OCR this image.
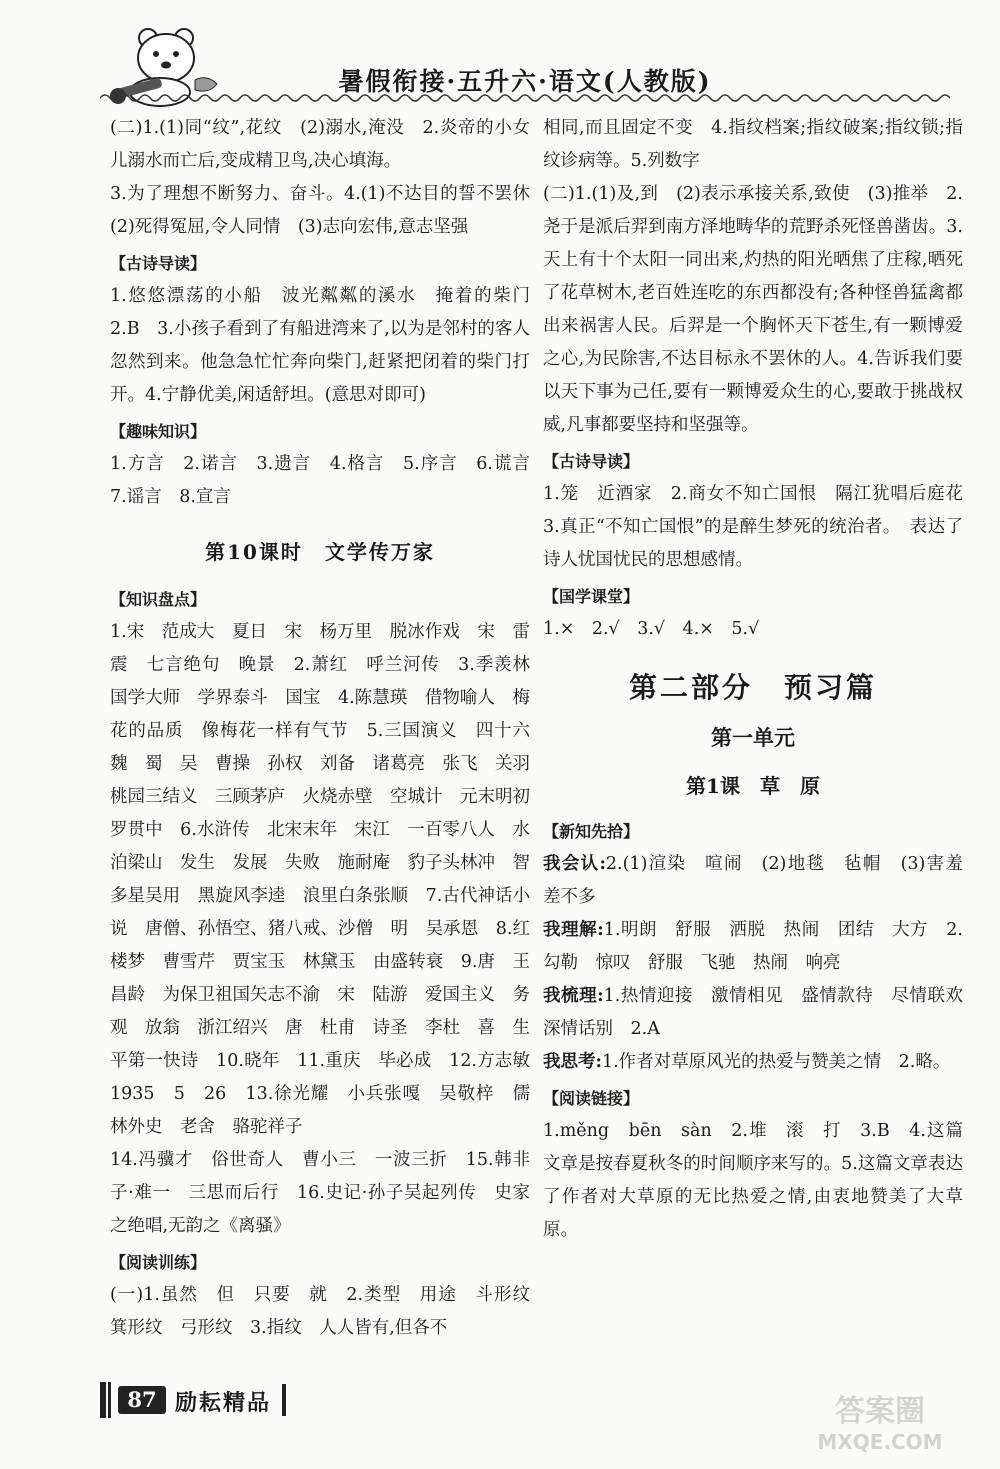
暑假衔接·五升六·语文(人教版)

(二)1.(1)同“纹”,花纹　(2)溺水,淹没　2.炎帝的小女儿溺水而亡后,变成精卫鸟,决心填海。

3.为了理想不断努力、奋斗。4.(1)不达目的誓不罢休　(2)死得冤屈,令人同情　(3)志向宏伟,意志坚强

【古诗导读】

1.悠悠漂荡的小船　波光粼粼的溪水　掩着的柴门　2.B　3.小孩子看到了有船进湾来了,以为是邻村的客人忽然到来。他急急忙忙奔向柴门,赶紧把闭着的柴门打开。4.宁静优美,闲适舒坦。(意思对即可)

【趣味知识】

1.方言　2.诺言　3.遗言　4.格言　5.序言　6.谎言　7.谣言　8.宣言

第10课时　文学传万家

【知识盘点】

1.宋　范成大　夏日　宋　杨万里　脱冰作戏　宋　雷震　七言绝句　晚景　2.萧红　呼兰河传　3.季羡林　国学大师　学界泰斗　国宝　4.陈慧瑛　借物喻人　梅花的品质　像梅花一样有气节　5.三国演义　四十六　魏　蜀　吴　曹操　孙权　刘备　诸葛亮　张飞　关羽　桃园三结义　三顾茅庐　火烧赤壁　空城计　元末明初　罗贯中　6.水浒传　北宋末年　宋江　一百零八人　水泊梁山　发生　发展　失败　施耐庵　豹子头林冲　智多星吴用　黑旋风李逵　浪里白条张顺　7.古代神话小说　唐僧、孙悟空、猪八戒、沙僧　明　吴承恩　8.红楼梦　曹雪芹　贾宝玉　林黛玉　由盛转衰　9.唐　王昌龄　为保卫祖国矢志不渝　宋　陆游　爱国主义　务观　放翁　浙江绍兴　唐　杜甫　诗圣　李杜　喜　生平第一快诗　10.晓年　11.重庆　毕必成　12.方志敏　1935　5　26　13.徐光耀　小兵张嘎　吴敬梓　儒林外史　老舍　骆驼祥子

14.冯骥才　俗世奇人　曹小三　一波三折　15.韩非子·难一　三思而后行　16.史记·孙子吴起列传　史家之绝唱,无韵之《离骚》

【阅读训练】

(一)1.虽然　但　只要　就　2.类型　用途　斗形纹　箕形纹　弓形纹　3.指纹　人人皆有,但各不

相同,而且固定不变　4.指纹档案;指纹破案;指纹锁;指纹诊病等。5.列数字

(二)1.(1)及,到　(2)表示承接关系,致使　(3)推举　2.尧于是派后羿到南方泽地畴华的荒野杀死怪兽凿齿。3.天上有十个太阳一同出来,灼热的阳光晒焦了庄稼,晒死了花草树木,老百姓连吃的东西都没有;各种怪兽猛禽都出来祸害人民。后羿是一个胸怀天下苍生,有一颗博爱之心,为民除害,不达目标永不罢休的人。4.告诉我们要以天下事为己任,要有一颗博爱众生的心,要敢于挑战权威,凡事都要坚持和坚强等。

【古诗导读】

1.笼　近酒家　2.商女不知亡国恨　隔江犹唱后庭花　3.真正“不知亡国恨”的是醉生梦死的统治者。　表达了诗人忧国忧民的思想感情。

【国学课堂】

1.×　2.√　3.√　4.×　5.√

第二部分　预习篇
第一单元
第1课　草　原

【新知先拾】

我会认:2.(1)渲染　喧闹　(2)地毯　毡帽　(3)害羞　差不多

我理解:1.明朗　舒服　洒脱　热闹　团结　大方　2.勾勒　惊叹　舒服　飞驰　热闹　响亮

我梳理:1.热情迎接　激情相见　盛情款待　尽情联欢　深情话别　2.A

我思考:1.作者对草原风光的热爱与赞美之情　2.略。

【阅读链接】

1.měng　bēn　sàn　2.堆　滚　打　3.B　4.这篇文章是按春夏秋冬的时间顺序来写的。5.这篇文章表达了作者对大草原的无比热爱之情,由衷地赞美了大草原。

87 励耘精品	答案圈
MXQE.COM
